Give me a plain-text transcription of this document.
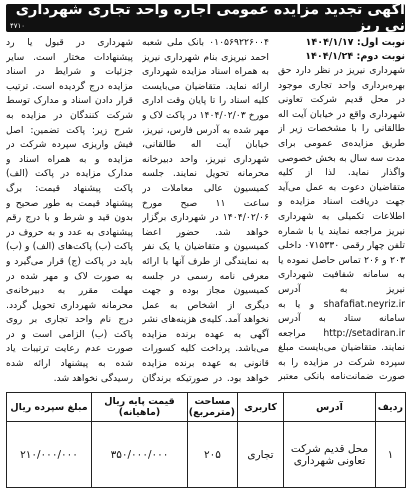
آگهی تجدید مزایده عمومی اجاره واحد تجاری شهرداری نی ریز
۴۷۱۰
نوبت اول: ۱۴۰۴/۱/۱۷
نوبت دوم: ۱۴۰۴/۱/۲۴

شهرداری نیریز در نظر دارد حق بهره‌برداری واحد تجاری موجود در محل قدیم شرکت تعاونی شهرداری واقع در خیابان آیت اله طالقانی را با مشخصات زیر از طریق مزایده‌ی عمومی برای مدت سه سال به بخش خصوصی واگذار نماید. لذا از کلیه متقاضیان دعوت به عمل می‌آید جهت دریافت اسناد مزایده و اطلاعات تکمیلی به شهرداری نیریز مراجعه نمایند یا با شماره تلفن چهار رقمی ۰۷۱۵۳۳۰ داخلی ۲۰۳ و ۲۰۶ تماس حاصل نموده یا به سامانه شفافیت شهرداری نیریز به آدرس shafafiat.neyriz.ir و یا به سامانه ستاد به آدرس http://setadiran.ir مراجعه نمایند. متقاضیان می‌بایست مبلغ سپرده شرکت در مزایده را به صورت ضمانت‌نامه بانکی معتبر

۰۱۰۵۶۹۲۲۶۰۰۴ بانک ملی شعبه احمد نیریزی بنام شهرداری نیریز به همراه اسناد مزایده شهرداری ارائه نماید. متقاضیان می‌بایست کلیه اسناد را تا پایان وقت اداری مورخ ۱۴۰۴/۰۲/۰۳ در پاکت لاک و مهر شده به آدرس فارس، نیریز، خیابان آیت اله طالقانی، شهرداری نیریز، واحد دبیرخانه محرمانه تحویل نمایند. جلسه کمیسیون عالی معاملات در ساعت ۱۱ صبح مورخ ۱۴۰۴/۰۲/۰۶ در شهرداری برگزار خواهد شد. حضور اعضا کمیسیون و متقاضیان یا یک نفر به نمایندگی از طرف آنها با ارائه معرفی نامه رسمی در جلسه کمیسیون مجاز بوده و جهت دیگری از اشخاص به عمل نخواهد آمد. کلیه‌ی هزینه‌های نشر آگهی به عهده برنده مزایده می‌باشد. پرداخت کلیه کسورات قانونی به عهده برنده مزایده خواهد بود. در صورتیکه برندگان

شهرداری در قبول یا رد پیشنهادات مختار است. سایر جزئیات و شرایط در اسناد مزایده درج گردیده است. ترتیب قرار دادن اسناد و مدارک توسط شرکت کنندگان در مزایده به شرح زیر: پاکت تضمین: اصل فیش واریزی سپرده شرکت در مزایده و به همراه اسناد و مدارک مزایده در پاکت (الف) پاکت پیشنهاد قیمت: برگ پیشنهاد قیمت به طور صحیح و بدون قید و شرط و با درج رقم پیشنهادی به عدد و به حروف در پاکت (ب) پاکت‌های (الف) و (ب) باید در پاکت (ج) قرار می‌گیرد و به صورت لاک و مهر شده در مهلت مقرر به دبیرخانه‌ی محرمانه شهرداری تحویل گردد. درج نام واحد تجاری بر روی پاکت (ب) الزامی است و در صورت عدم رعایت ترتیبات یاد شده به پیشنهاد ارائه شده رسیدگی نخواهد شد.

ردیف	آدرس	کاربری	مساحت (مترمربع)	قیمت پایه ریال (ماهیانه)	مبلغ سپرده ریال
۱	محل قدیم شرکت تعاونی شهرداری	تجاری	۲۰۵	۳۵۰/۰۰۰/۰۰۰	۲۱۰/۰۰۰/۰۰۰
